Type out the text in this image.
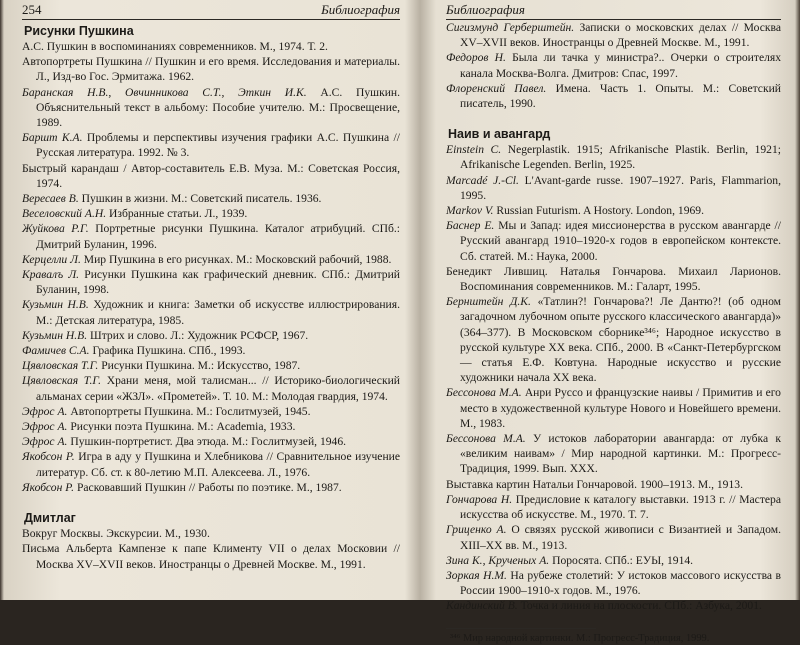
254	Библиография
Рисунки Пушкина
А.С. Пушкин в воспоминаниях современников. М., 1974. Т. 2.
Автопортреты Пушкина // Пушкин и его время. Исследования и материалы. Л., Изд-во Гос. Эрмитажа. 1962.
Баранская Н.В., Овчинникова С.Т., Эткин И.К. А.С. Пушкин. Объяснительный текст в альбому: Пособие учителю. М.: Просвещение, 1989.
Баршт К.А. Проблемы и перспективы изучения графики А.С. Пушкина // Русская литература. 1992. № 3.
Быстрый карандаш / Автор-составитель Е.В. Муза. М.: Советская Россия, 1974.
Вересаев В. Пушкин в жизни. М.: Советский писатель. 1936.
Веселовский А.Н. Избранные статьи. Л., 1939.
Жуйкова Р.Г. Портретные рисунки Пушкина. Каталог атрибуций. СПб.: Дмитрий Буланин, 1996.
Керцелли Л. Мир Пушкина в его рисунках. М.: Московский рабочий, 1988.
Кравалъ Л. Рисунки Пушкина как графический дневник. СПб.: Дмитрий Буланин, 1998.
Кузьмин Н.В. Художник и книга: Заметки об искусстве иллюстрирования. М.: Детская литература, 1985.
Кузьмин Н.В. Штрих и слово. Л.: Художник РСФСР, 1967.
Фамичев С.А. Графика Пушкина. СПб., 1993.
Цявловская Т.Г. Рисунки Пушкина. М.: Искусство, 1987.
Цявловская Т.Г. Храни меня, мой талисман... // Историко-биологический альманах серии «ЖЗЛ». «Прометей». Т. 10. М.: Молодая гвардия, 1974.
Эфрос А. Автопортреты Пушкина. М.: Гослитмузей, 1945.
Эфрос А. Рисунки поэта Пушкина. М.: Academia, 1933.
Эфрос А. Пушкин-портретист. Два этюда. М.: Гослитмузей, 1946.
Якобсон Р. Игра в аду у Пушкина и Хлебникова // Сравнительное изучение литератур. Сб. ст. к 80-летию М.П. Алексеева. Л., 1976.
Якобсон Р. Расковавший Пушкин // Работы по поэтике. М., 1987.
Дмитлаг
Вокруг Москвы. Экскурсии. М., 1930.
Письма Альберта Кампензе к папе Клименту VII о делах Московии // Москва XV–XVII веков. Иностранцы о Древней Москве. М., 1991.
Библиография
Сигизмунд Герберштейн. Записки о московских делах // Москва XV–XVII веков. Иностранцы о Древней Москве. М., 1991.
Федоров Н. Была ли тачка у министра?.. Очерки о строителях канала Москва-Волга. Дмитров: Спас, 1997.
Флоренский Павел. Имена. Часть 1. Опыты. М.: Советский писатель, 1990.
Наив и авангард
Einstein C. Negerplastik. 1915; Afrikanische Plastik. Berlin, 1921; Afrikanische Legenden. Berlin, 1925.
Marcadé J.-Cl. L'Avant-garde russe. 1907–1927. Paris, Flammarion, 1995.
Markov V. Russian Futurism. A Hostory. London, 1969.
Баснер Е. Мы и Запад: идея миссионерства в русском авангарде // Русский авангард 1910–1920-х годов в европейском контексте. Сб. статей. М.: Наука, 2000.
Бенедикт Лившиц. Наталья Гончарова. Михаил Ларионов. Воспоминания современников. М.: Галарт, 1995.
Бернштейн Д.К. «Татлин?! Гончарова?! Ле Дантю?! (об одном загадочном лубочном опыте русского классического авангарда)» (364–377). В Московском сборнике³⁴⁶; Народное искусство в русской культуре ХХ века. СПб., 2000. В «Санкт-Петербургском — статья Е.Ф. Ковтуна. Народные искусство и русские художники начала ХХ века.
Бессонова М.А. Анри Руссо и французские наивы / Примитив и его место в художественной культуре Нового и Новейшего времени. М., 1983.
Бессонова М.А. У истоков лаборатории авангарда: от лубка к «великим наивам» / Мир народной картинки. М.: Прогресс-Традиция, 1999. Вып. XXX.
Выставка картин Натальи Гончаровой. 1900–1913. М., 1913.
Гончарова Н. Предисловие к каталогу выставки. 1913 г. // Мастера искусства об искусстве. М., 1970. Т. 7.
Гриценко А. О связях русской живописи с Византией и Западом. XIII–XX вв. М., 1913.
Зина К., Крученых А. Поросята. СПб.: ЕУЫ, 1914.
Зоркая Н.М. На рубеже столетий: У истоков массового искусства в России 1900–1910-х годов. М., 1976.
Кандинский В. Точка и линия на плоскости. СПб.: Азбука, 2001.
³⁴⁶ Мир народной картинки. М.: Прогресс-Традиция, 1999.
